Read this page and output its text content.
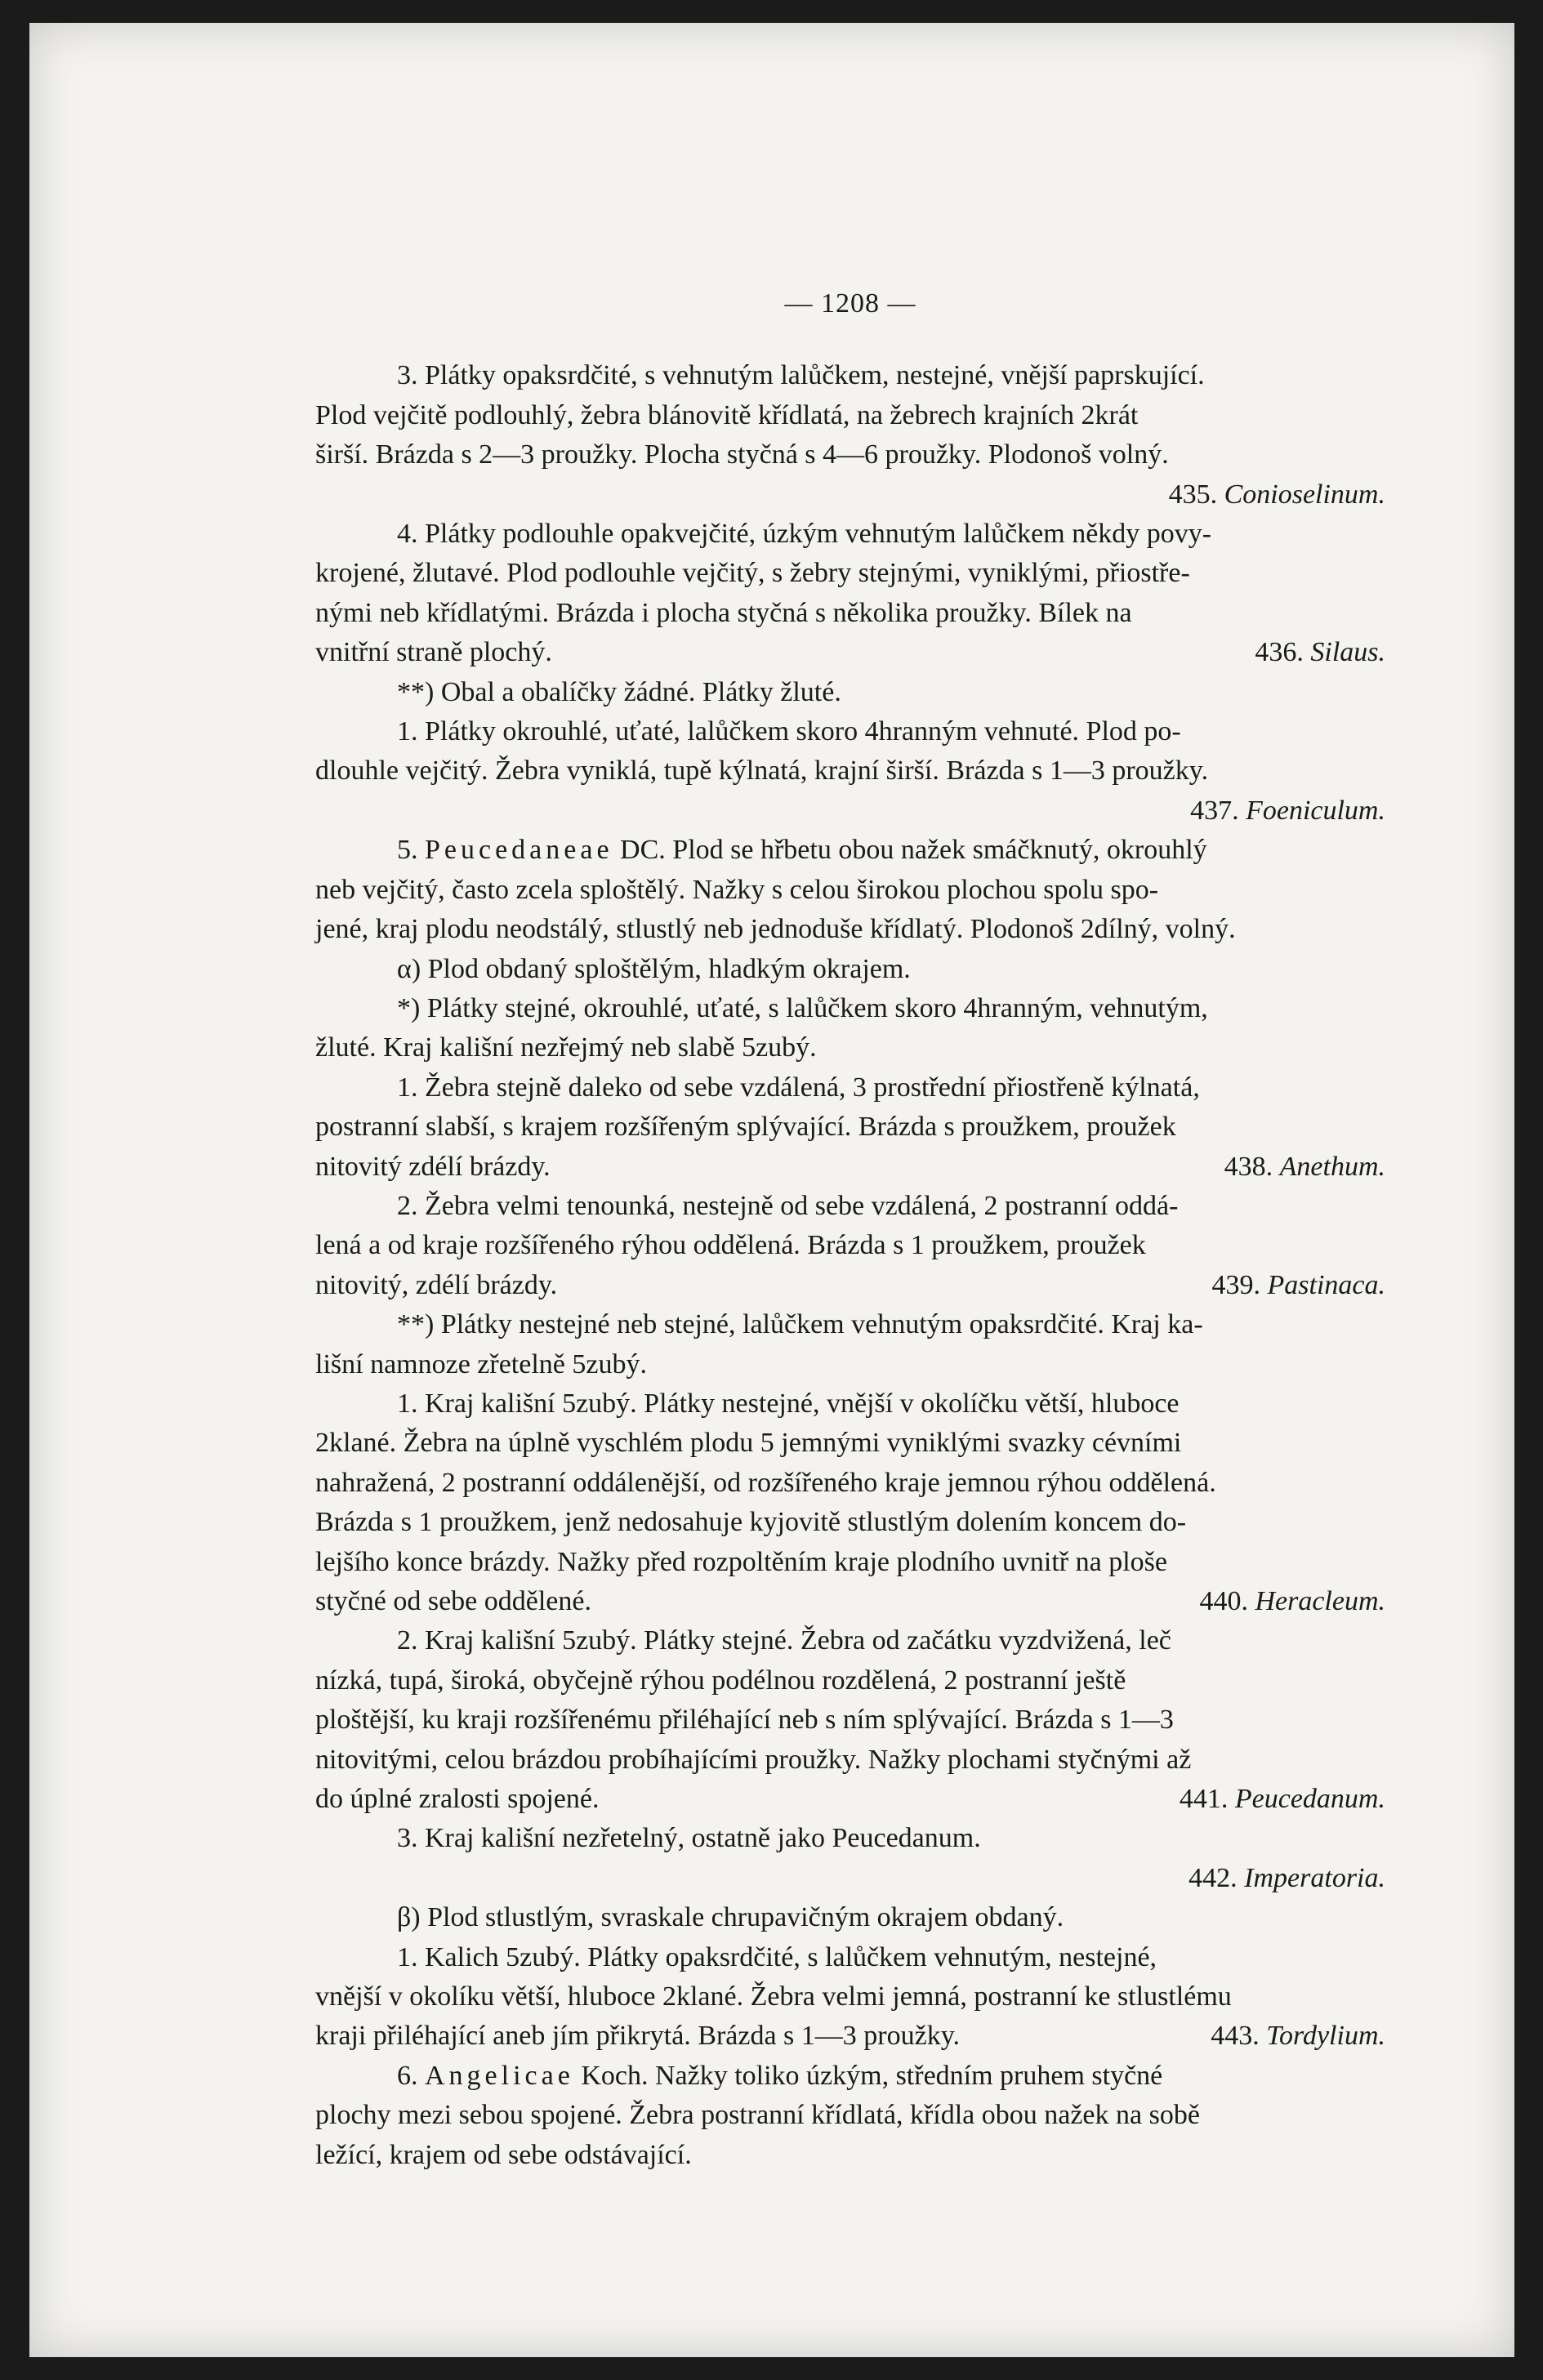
— 1208 —

3. Plátky opaksrdčité, s vehnutým lalůčkem, nestejné, vnější paprskující.

Plod vejčitě podlouhlý, žebra blánovitě křídlatá, na žebrech krajních 2krát

širší. Brázda s 2—3 proužky. Plocha styčná s 4—6 proužky. Plodonoš volný.

435. Conioselinum.

4. Plátky podlouhle opakvejčité, úzkým vehnutým lalůčkem někdy povy-

krojené, žlutavé. Plod podlouhle vejčitý, s žebry stejnými, vyniklými, přiostře-

nými neb křídlatými. Brázda i plocha styčná s několika proužky. Bílek na

vnitřní straně plochý.	436. Silaus.

**) Obal a obalíčky žádné. Plátky žluté.

1. Plátky okrouhlé, uťaté, lalůčkem skoro 4hranným vehnuté. Plod po-

dlouhle vejčitý. Žebra vyniklá, tupě kýlnatá, krajní širší. Brázda s 1—3 proužky.

437. Foeniculum.

5. Peucedaneae DC. Plod se hřbetu obou nažek smáčknutý, okrouhlý

neb vejčitý, často zcela sploštělý. Nažky s celou širokou plochou spolu spo-

jené, kraj plodu neodstálý, stlustlý neb jednoduše křídlatý. Plodonoš 2dílný, volný.

α) Plod obdaný sploštělým, hladkým okrajem.

*) Plátky stejné, okrouhlé, uťaté, s lalůčkem skoro 4hranným, vehnutým,

žluté. Kraj kališní nezřejmý neb slabě 5zubý.

1. Žebra stejně daleko od sebe vzdálená, 3 prostřední přiostřeně kýlnatá,

postranní slabší, s krajem rozšířeným splývající. Brázda s proužkem, proužek

nitovitý zdélí brázdy.	438. Anethum.

2. Žebra velmi tenounká, nestejně od sebe vzdálená, 2 postranní oddá-

lená a od kraje rozšířeného rýhou oddělená. Brázda s 1 proužkem, proužek

nitovitý, zdélí brázdy.	439. Pastinaca.

**) Plátky nestejné neb stejné, lalůčkem vehnutým opaksrdčité. Kraj ka-

lišní namnoze zřetelně 5zubý.

1. Kraj kališní 5zubý. Plátky nestejné, vnější v okolíčku větší, hluboce

2klané. Žebra na úplně vyschlém plodu 5 jemnými vyniklými svazky cévními

nahražená, 2 postranní oddálenější, od rozšířeného kraje jemnou rýhou oddělená.

Brázda s 1 proužkem, jenž nedosahuje kyjovitě stlustlým dolením koncem do-

lejšího konce brázdy. Nažky před rozpoltěním kraje plodního uvnitř na ploše

styčné od sebe oddělené.	440. Heracleum.

2. Kraj kališní 5zubý. Plátky stejné. Žebra od začátku vyzdvižená, leč

nízká, tupá, široká, obyčejně rýhou podélnou rozdělená, 2 postranní ještě

ploštější, ku kraji rozšířenému přiléhající neb s ním splývající. Brázda s 1—3

nitovitými, celou brázdou probíhajícími proužky. Nažky plochami styčnými až

do úplné zralosti spojené.	441. Peucedanum.

3. Kraj kališní nezřetelný, ostatně jako Peucedanum.

442. Imperatoria.

β) Plod stlustlým, svraskale chrupavičným okrajem obdaný.

1. Kalich 5zubý. Plátky opaksrdčité, s lalůčkem vehnutým, nestejné,

vnější v okolíku větší, hluboce 2klané. Žebra velmi jemná, postranní ke stlustlému

kraji přiléhající aneb jím přikrytá. Brázda s 1—3 proužky.	443. Tordylium.

6. Angelicae Koch. Nažky toliko úzkým, středním pruhem styčné

plochy mezi sebou spojené. Žebra postranní křídlatá, křídla obou nažek na sobě

ležící, krajem od sebe odstávající.
